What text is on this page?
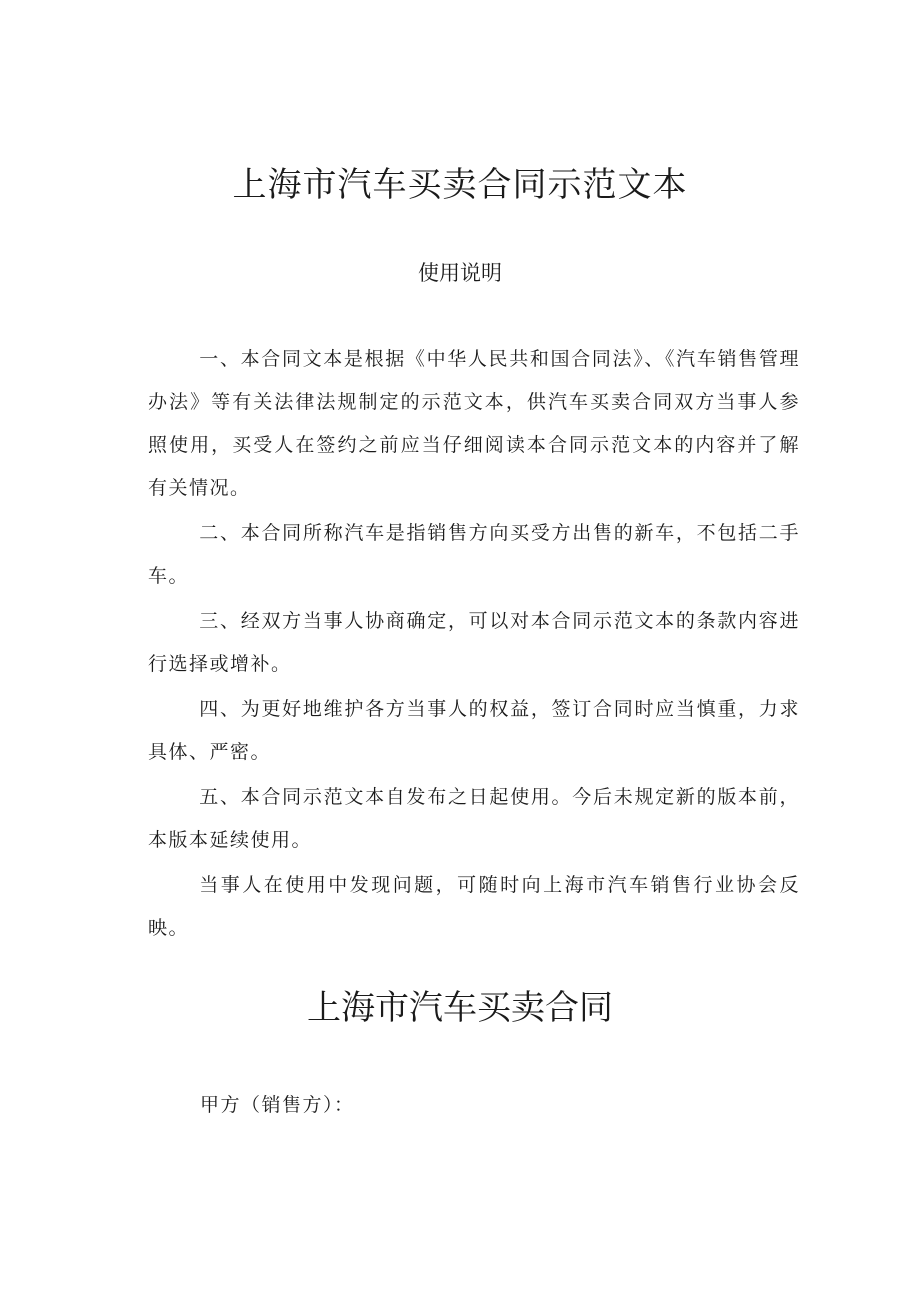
上海市汽车买卖合同示范文本
使用说明

一、本合同文本是根据《中华人民共和国合同法》、《汽车销售管理办法》等有关法律法规制定的示范文本，供汽车买卖合同双方当事人参照使用，买受人在签约之前应当仔细阅读本合同示范文本的内容并了解有关情况。

二、本合同所称汽车是指销售方向买受方出售的新车，不包括二手车。

三、经双方当事人协商确定，可以对本合同示范文本的条款内容进行选择或增补。

四、为更好地维护各方当事人的权益，签订合同时应当慎重，力求具体、严密。

五、本合同示范文本自发布之日起使用。今后未规定新的版本前，本版本延续使用。

当事人在使用中发现问题，可随时向上海市汽车销售行业协会反映。

上海市汽车买卖合同

甲方（销售方）：
